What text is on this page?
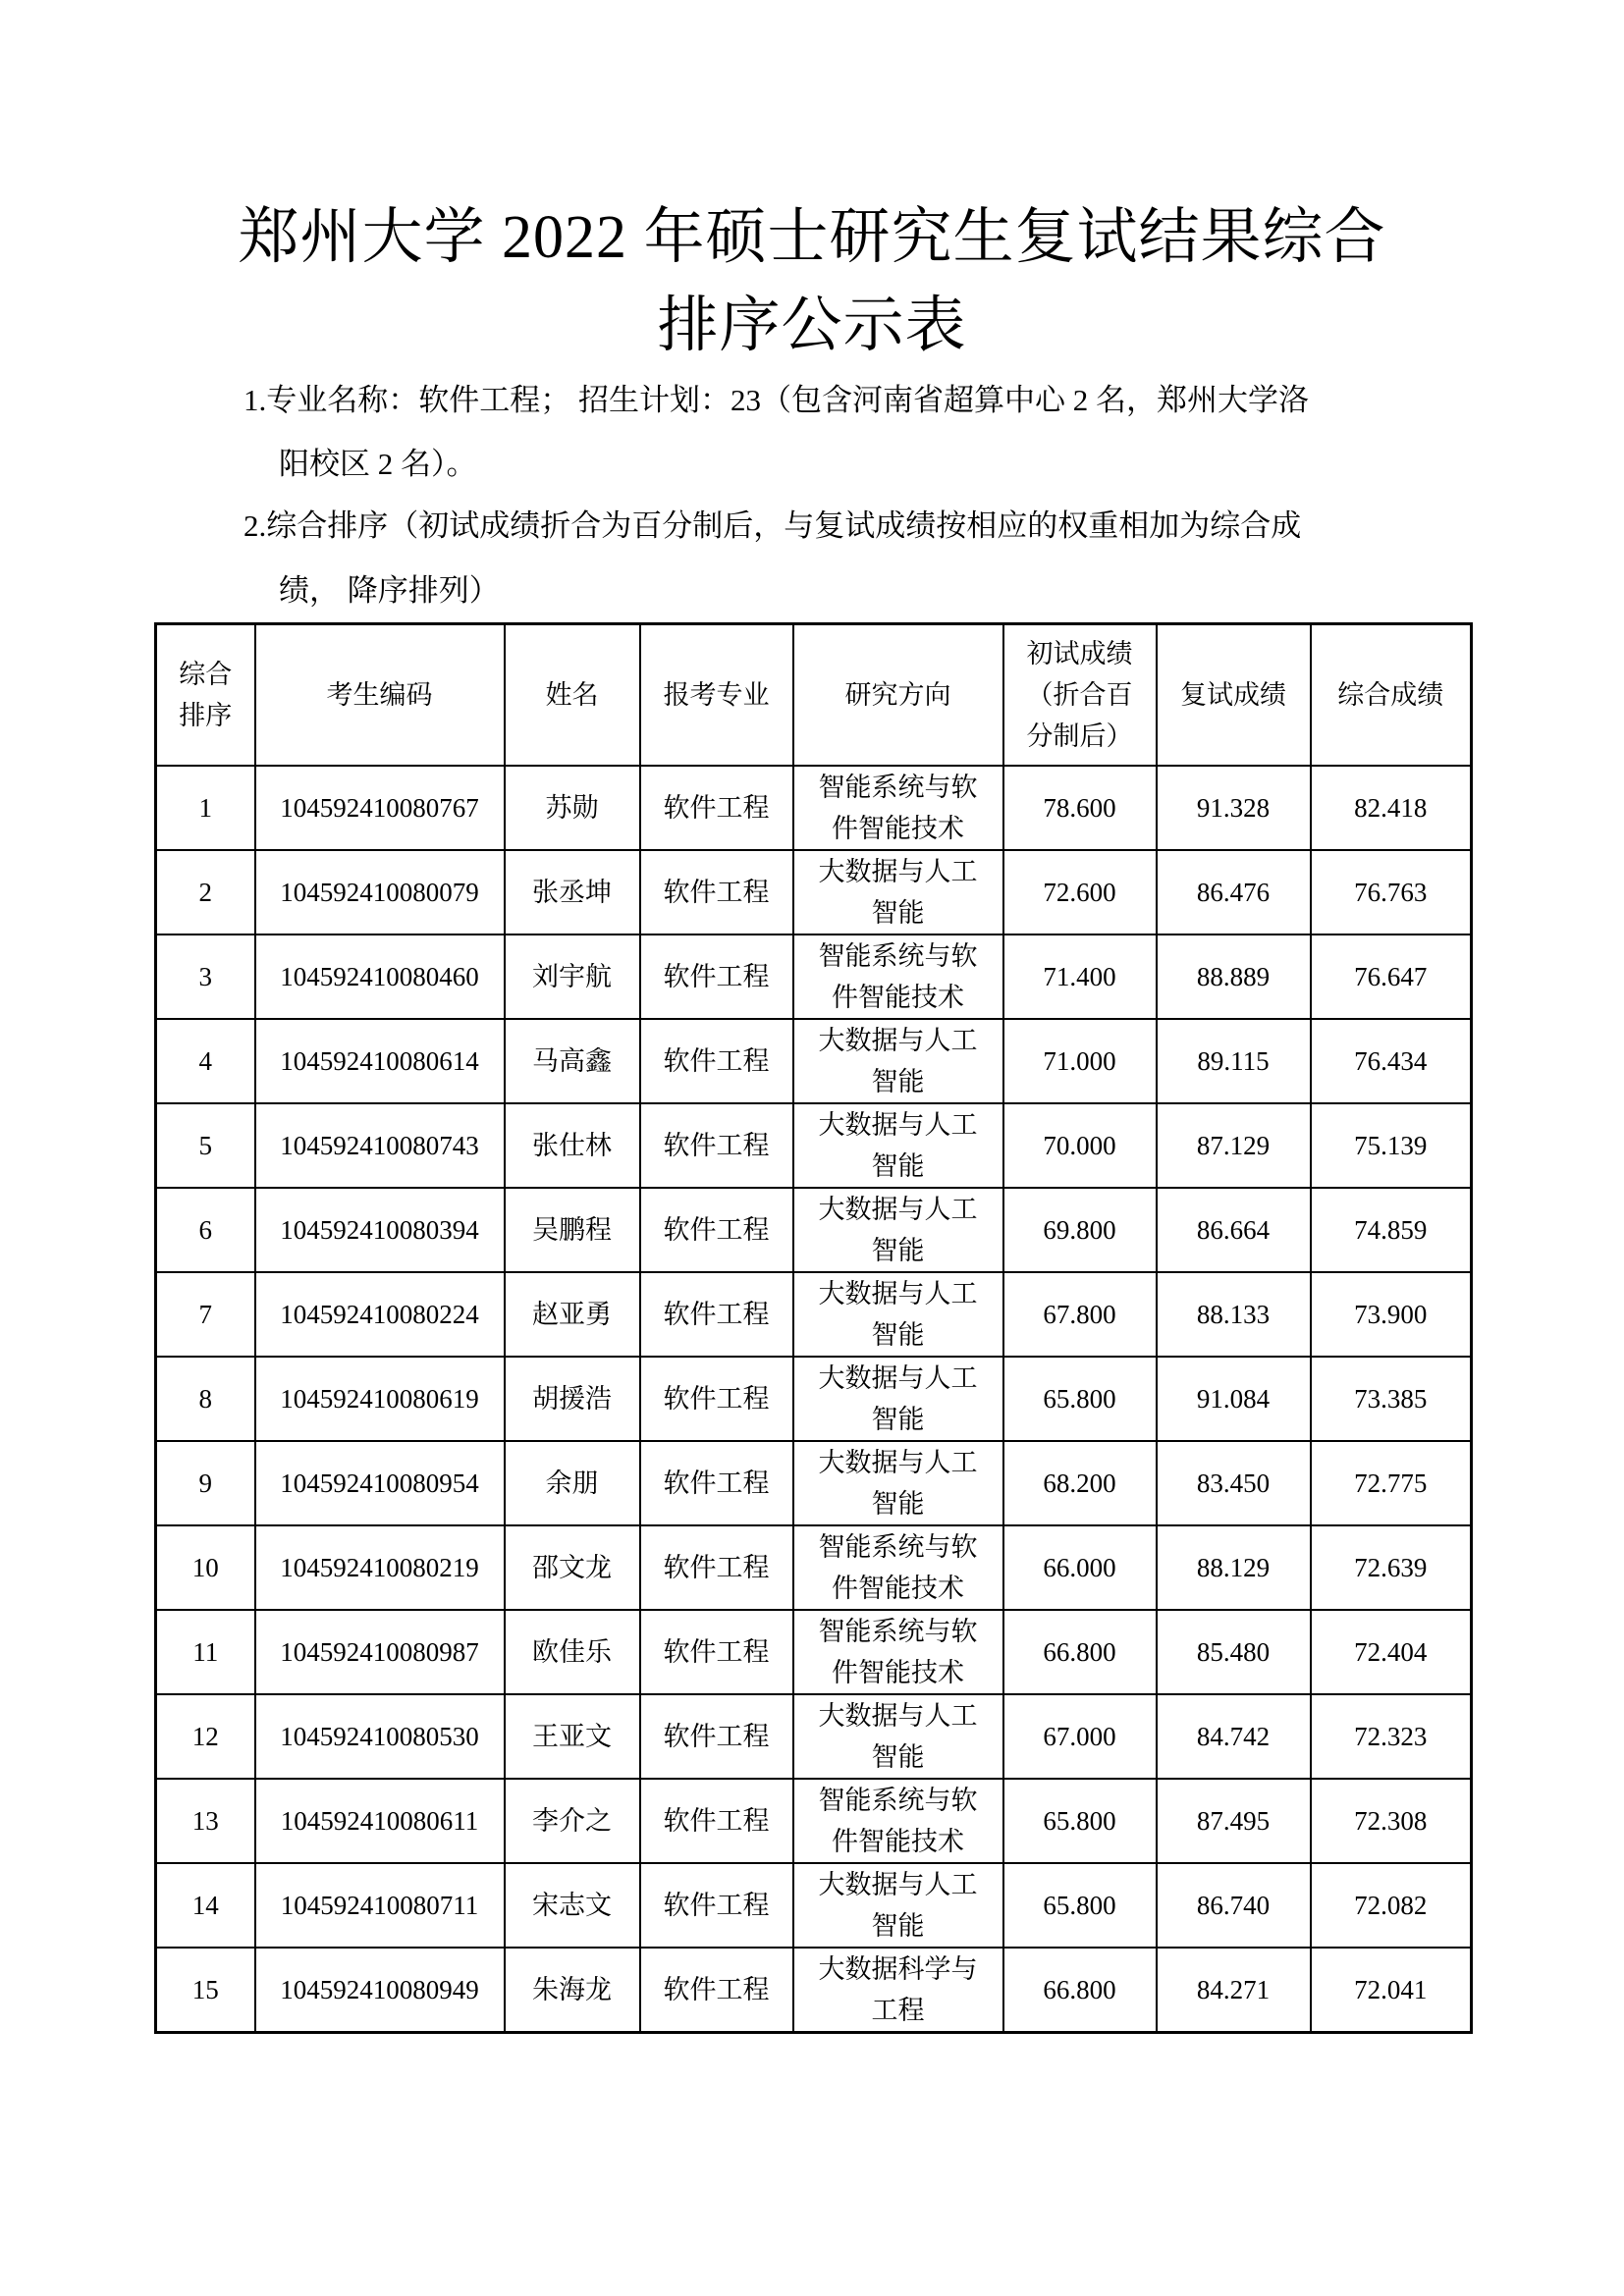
郑州大学 2022 年硕士研究生复试结果综合
排序公示表
1.专业名称：软件工程； 招生计划：23（包含河南省超算中心 2 名，郑州大学洛
阳校区 2 名）。
2.综合排序（初试成绩折合为百分制后，与复试成绩按相应的权重相加为综合成
绩， 降序排列）
综合排序	考生编码	姓名	报考专业	研究方向	初试成绩（折合百分制后）	复试成绩	综合成绩
1	104592410080767	苏勋	软件工程	智能系统与软件智能技术	78.600	91.328	82.418
2	104592410080079	张丞坤	软件工程	大数据与人工智能	72.600	86.476	76.763
3	104592410080460	刘宇航	软件工程	智能系统与软件智能技术	71.400	88.889	76.647
4	104592410080614	马高鑫	软件工程	大数据与人工智能	71.000	89.115	76.434
5	104592410080743	张仕林	软件工程	大数据与人工智能	70.000	87.129	75.139
6	104592410080394	吴鹏程	软件工程	大数据与人工智能	69.800	86.664	74.859
7	104592410080224	赵亚勇	软件工程	大数据与人工智能	67.800	88.133	73.900
8	104592410080619	胡援浩	软件工程	大数据与人工智能	65.800	91.084	73.385
9	104592410080954	余朋	软件工程	大数据与人工智能	68.200	83.450	72.775
10	104592410080219	邵文龙	软件工程	智能系统与软件智能技术	66.000	88.129	72.639
11	104592410080987	欧佳乐	软件工程	智能系统与软件智能技术	66.800	85.480	72.404
12	104592410080530	王亚文	软件工程	大数据与人工智能	67.000	84.742	72.323
13	104592410080611	李介之	软件工程	智能系统与软件智能技术	65.800	87.495	72.308
14	104592410080711	宋志文	软件工程	大数据与人工智能	65.800	86.740	72.082
15	104592410080949	朱海龙	软件工程	大数据科学与工程	66.800	84.271	72.041
